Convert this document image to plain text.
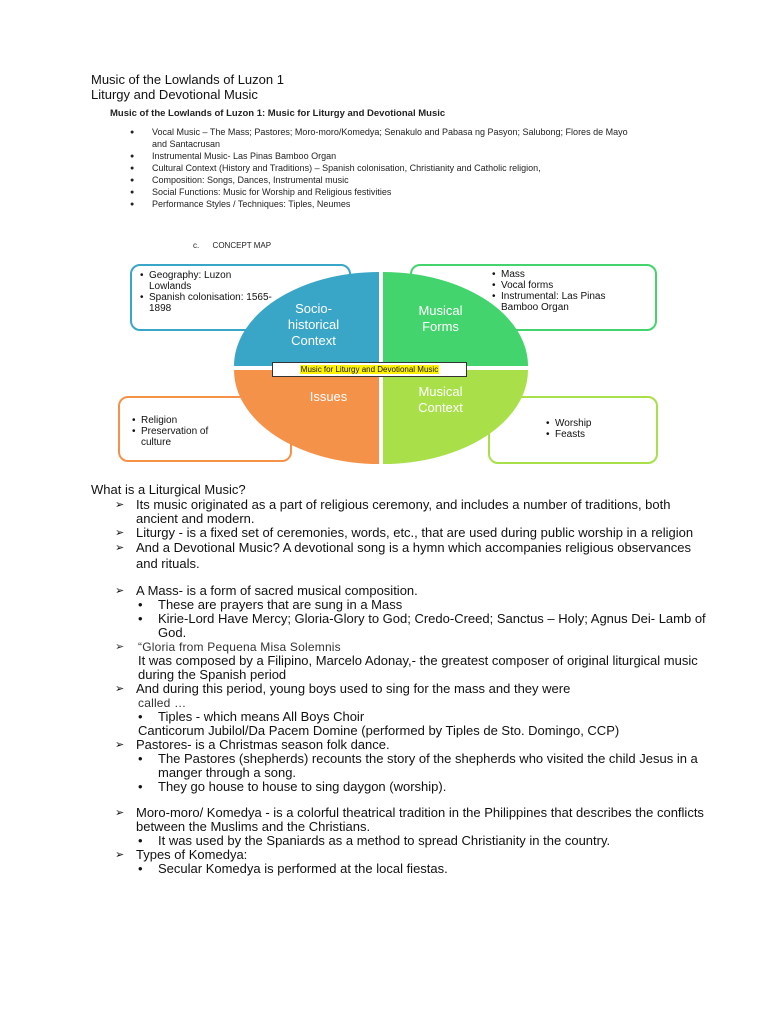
Music of the Lowlands of Luzon 1
Liturgy and Devotional Music
Music of the Lowlands of Luzon 1: Music for Liturgy and Devotional Music
● Vocal Music – The Mass; Pastores; Moro-moro/Komedya; Senakulo and Pabasa ng Pasyon; Salubong; Flores de Mayo and Santacrusan
● Instrumental Music- Las Pinas Bamboo Organ
● Cultural Context (History and Traditions) – Spanish colonisation, Christianity and Catholic religion,
● Composition: Songs, Dances, Instrumental music
● Social Functions: Music for Worship and Religious festivities
● Performance Styles / Techniques: Tiples, Neumes
c.      CONCEPT MAP
• Geography: Luzon Lowlands
• Spanish colonisation: 1565-1898
• Mass
• Vocal forms
• Instrumental: Las Pinas Bamboo Organ
• Religion
• Preservation of culture
• Worship
• Feasts
Socio-
historical
Context
Musical
Forms
Issues	Musical
Context
Music for Liturgy and Devotional Music

What is a Liturgical Music?

➢ Its music originated as a part of religious ceremony, and includes a number of traditions, both ancient and modern.

➢ Liturgy - is a fixed set of ceremonies, words, etc., that are used during public worship in a religion

➢ And a Devotional Music? A devotional song is a hymn which accompanies religious observances and rituals.

➢ A Mass- is a form of sacred musical composition.

• These are prayers that are sung in a Mass

• Kirie-Lord Have Mercy; Gloria-Glory to God; Credo-Creed; Sanctus – Holy; Agnus Dei- Lamb of God.

➢ “Gloria from Pequena Misa Solemnis

It was composed by a Filipino, Marcelo Adonay,- the greatest composer of original liturgical music during the Spanish period

➢ And during this period, young boys used to sing for the mass and they were

called …

• Tiples - which means All Boys Choir

Canticorum Jubilol/Da Pacem Domine (performed by Tiples de Sto. Domingo, CCP)

➢ Pastores- is a Christmas season folk dance.

• The Pastores (shepherds) recounts the story of the shepherds who visited the child Jesus in a manger through a song.

• They go house to house to sing daygon (worship).

➢ Moro-moro/ Komedya - is a colorful theatrical tradition in the Philippines that describes the conflicts between the Muslims and the Christians.

• It was used by the Spaniards as a method to spread Christianity in the country.

➢ Types of Komedya:

• Secular Komedya is performed at the local fiestas.
